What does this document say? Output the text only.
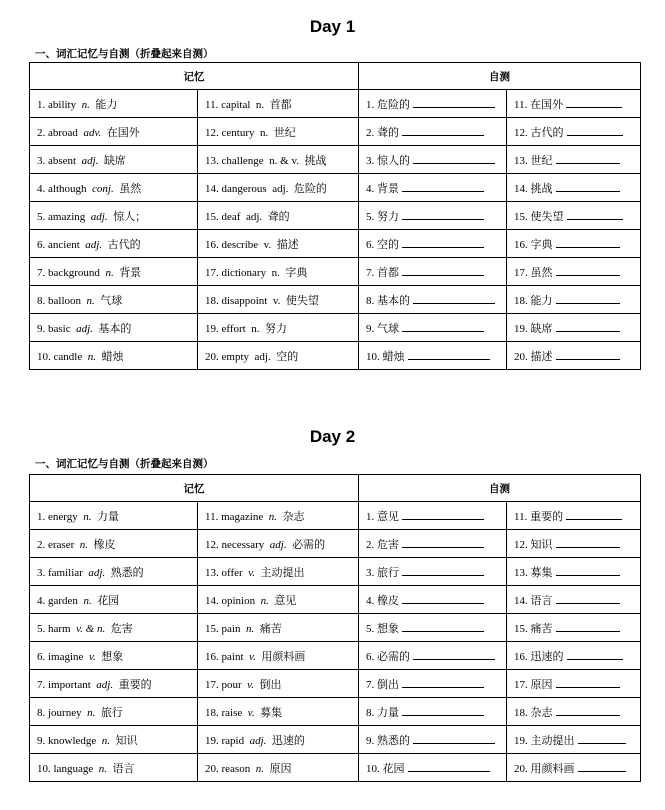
Day 1
一、词汇记忆与自测（折叠起来自测）
记忆		自测	
1. ability  n.  能力	11. capital  n.  首都	1. 危险的	11. 在国外
2. abroad  adv.  在国外	12. century  n.  世纪	2. 聋的	12. 古代的
3. absent  adj.  缺席	13. challenge  n. & v.  挑战	3. 惊人的	13. 世纪
4. although  conj.  虽然	14. dangerous  adj.  危险的	4. 背景	14. 挑战
5. amazing  adj.  惊人；	15. deaf  adj.  聋的	5. 努力	15. 使失望
6. ancient  adj.  古代的	16. describe  v.  描述	6. 空的	16. 字典
7. background  n.  背景	17. dictionary  n.  字典	7. 首都	17. 虽然
8. balloon  n.  气球	18. disappoint  v.  使失望	8. 基本的	18. 能力
9. basic  adj.  基本的	19. effort  n.  努力	9. 气球	19. 缺席
10. candle  n.  蜡烛	20. empty  adj.  空的	10. 蜡烛	20. 描述
Day 2
一、词汇记忆与自测（折叠起来自测）
记忆		自测	
1. energy  n.  力量	11. magazine  n.  杂志	1. 意见	11. 重要的
2. eraser  n.  橡皮	12. necessary  adj.  必需的	2. 危害	12. 知识
3. familiar  adj.  熟悉的	13. offer  v.  主动提出	3. 旅行	13. 募集
4. garden  n.  花园	14. opinion  n.  意见	4. 橡皮	14. 语言
5. harm  v. & n.  危害	15. pain  n.  痛苦	5. 想象	15. 痛苦
6. imagine  v.  想象	16. paint  v.  用颜料画	6. 必需的	16. 迅速的
7. important  adj.  重要的	17. pour  v.  倒出	7. 倒出	17. 原因
8. journey  n.  旅行	18. raise  v.  募集	8. 力量	18. 杂志
9. knowledge  n.  知识	19. rapid  adj.  迅速的	9. 熟悉的	19. 主动提出
10. language  n.  语言	20. reason  n.  原因	10. 花园	20. 用颜料画
